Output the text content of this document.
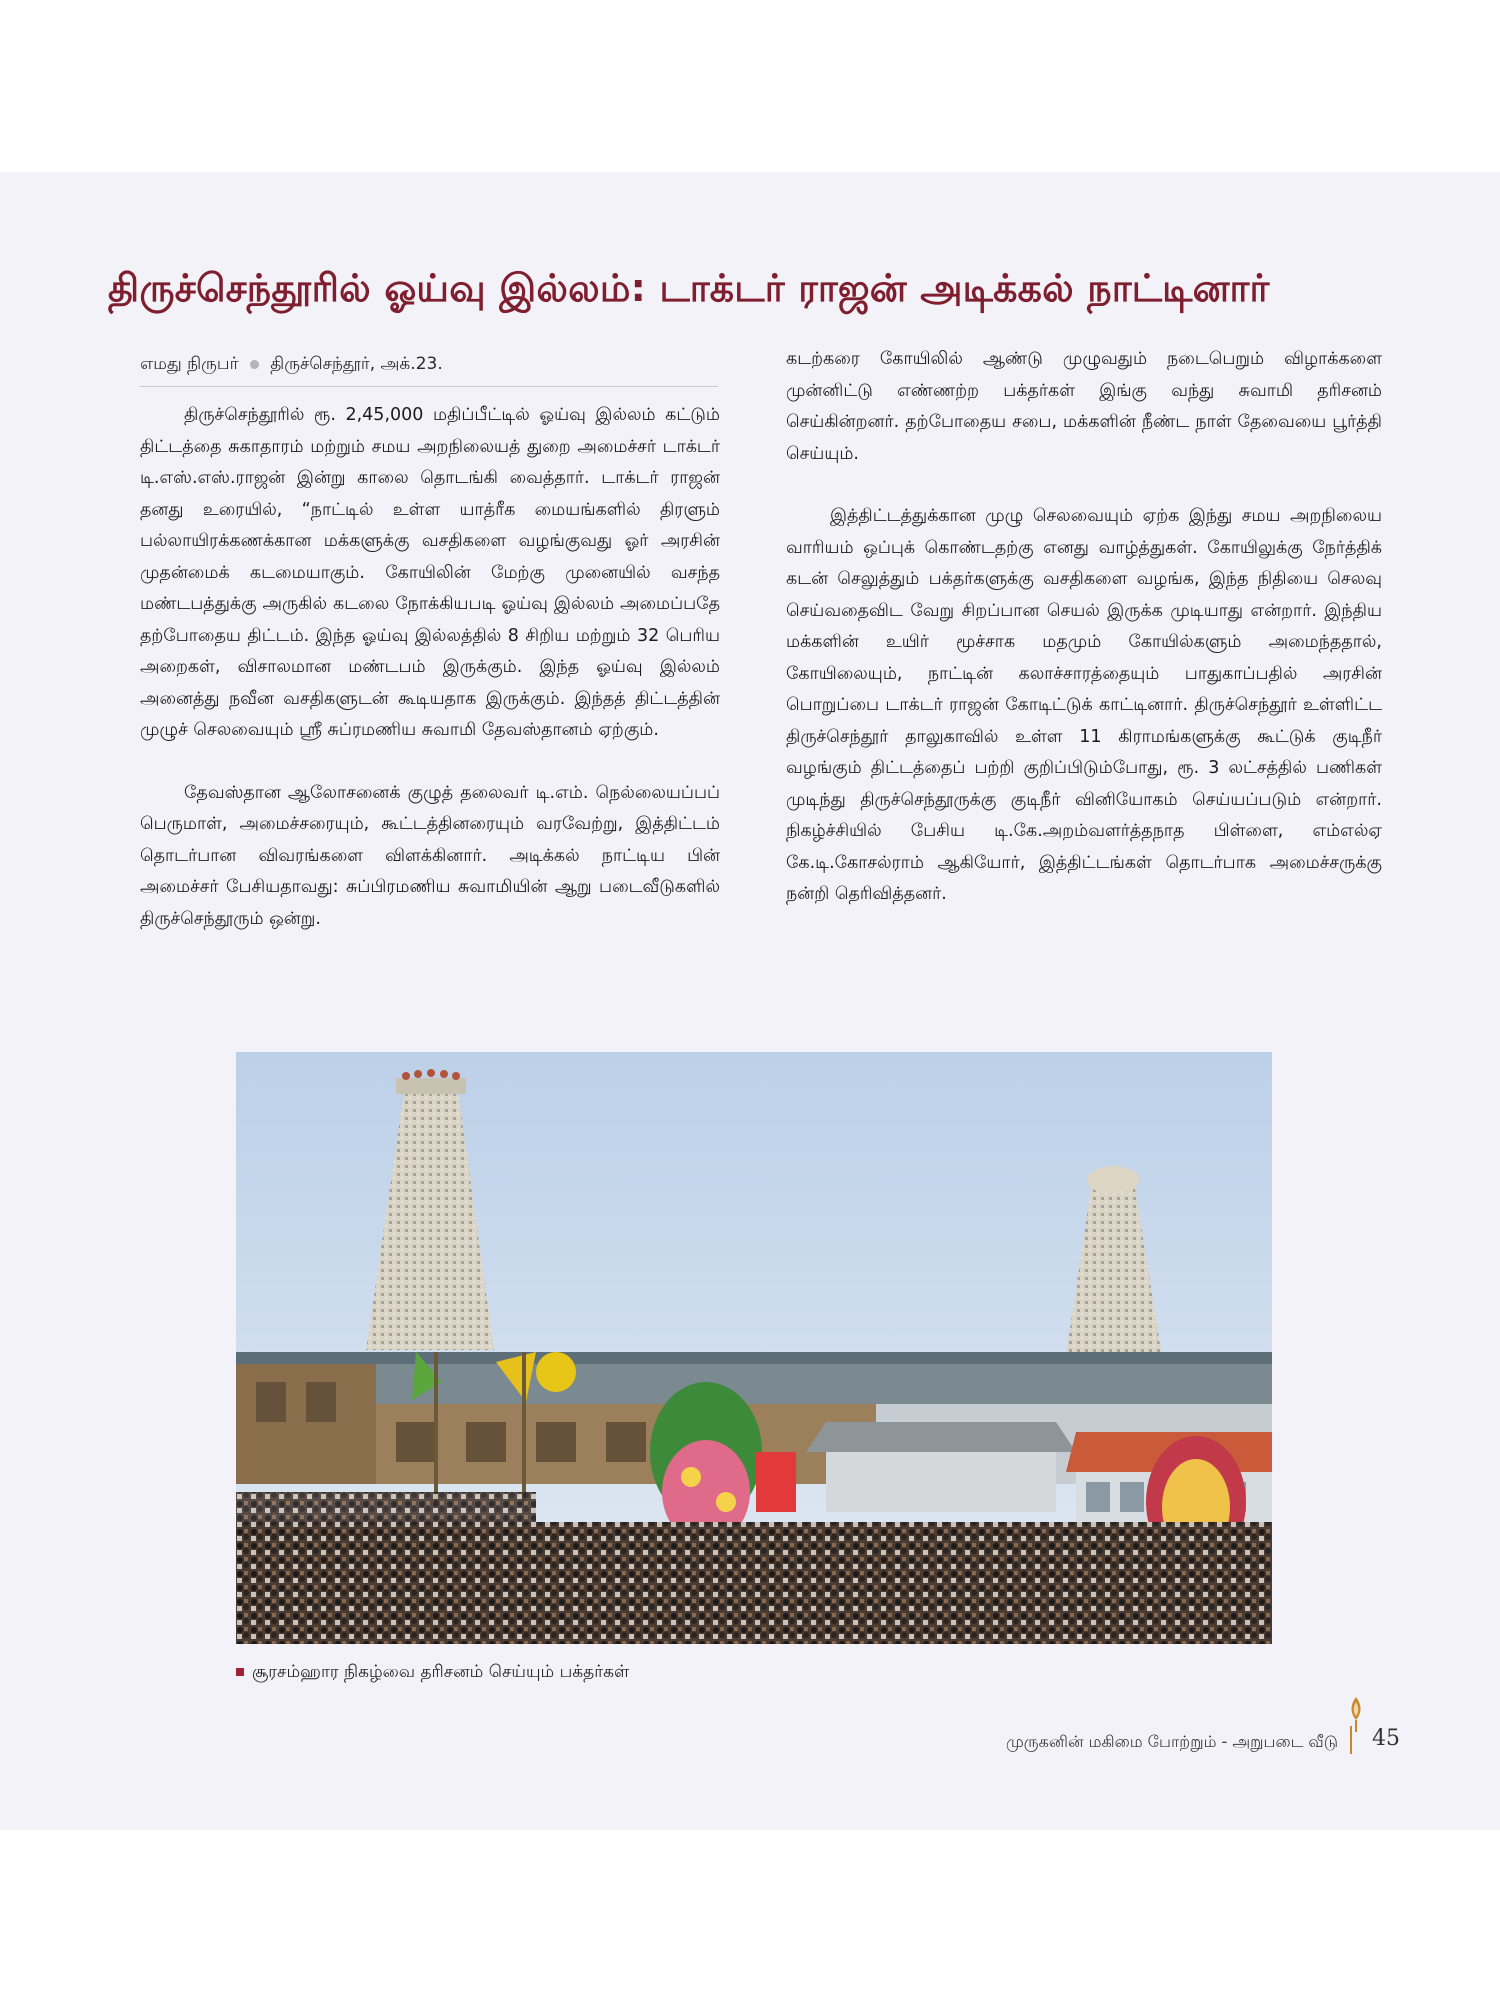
திருச்செந்தூரில் ஓய்வு இல்லம்: டாக்டர் ராஜன் அடிக்கல் நாட்டினார்
எமது நிருபர் திருச்செந்தூர், அக்.23.

திருச்செந்தூரில் ரூ. 2,45,000 மதிப்பீட்டில் ஓய்வு இல்லம் கட்டும் திட்டத்தை சுகாதாரம் மற்றும் சமய அறநிலையத் துறை அமைச்சர் டாக்டர் டி.எஸ்.எஸ்.ராஜன் இன்று காலை தொடங்கி வைத்தார். டாக்டர் ராஜன் தனது உரையில், “நாட்டில் உள்ள யாத்ரீக மையங்களில் திரளும் பல்லாயிரக்கணக்கான மக்களுக்கு வசதிகளை வழங்குவது ஓர் அரசின் முதன்மைக் கடமையாகும். கோயிலின் மேற்கு முனையில் வசந்த மண்டபத்துக்கு அருகில் கடலை நோக்கியபடி ஓய்வு இல்லம் அமைப்பதே தற்போதைய திட்டம். இந்த ஓய்வு இல்லத்தில் 8 சிறிய மற்றும் 32 பெரிய அறைகள், விசாலமான மண்டபம் இருக்கும். இந்த ஓய்வு இல்லம் அனைத்து நவீன வசதிகளுடன் கூடியதாக இருக்கும். இந்தத் திட்டத்தின் முழுச் செலவையும் ஸ்ரீ சுப்ரமணிய சுவாமி தேவஸ்தானம் ஏற்கும்.

தேவஸ்தான ஆலோசனைக் குழுத் தலைவர் டி.எம். நெல்லையப்பப் பெருமாள், அமைச்சரையும், கூட்டத்தினரையும் வரவேற்று, இத்திட்டம் தொடர்பான விவரங்களை விளக்கினார். அடிக்கல் நாட்டிய பின் அமைச்சர் பேசியதாவது: சுப்பிரமணிய சுவாமியின் ஆறு படைவீடுகளில் திருச்செந்தூரும் ஒன்று.

கடற்கரை கோயிலில் ஆண்டு முழுவதும் நடைபெறும் விழாக்களை முன்னிட்டு எண்ணற்ற பக்தர்கள் இங்கு வந்து சுவாமி தரிசனம் செய்கின்றனர். தற்போதைய சபை, மக்களின் நீண்ட நாள் தேவையை பூர்த்தி செய்யும்.

இத்திட்டத்துக்கான முழு செலவையும் ஏற்க இந்து சமய அறநிலைய வாரியம் ஒப்புக் கொண்டதற்கு எனது வாழ்த்துகள். கோயிலுக்கு நேர்த்திக் கடன் செலுத்தும் பக்தர்களுக்கு வசதிகளை வழங்க, இந்த நிதியை செலவு செய்வதைவிட வேறு சிறப்பான செயல் இருக்க முடியாது என்றார். இந்திய மக்களின் உயிர் மூச்சாக மதமும் கோயில்களும் அமைந்ததால், கோயிலையும், நாட்டின் கலாச்சாரத்தையும் பாதுகாப்பதில் அரசின் பொறுப்பை டாக்டர் ராஜன் கோடிட்டுக் காட்டினார். திருச்செந்தூர் உள்ளிட்ட திருச்செந்தூர் தாலுகாவில் உள்ள 11 கிராமங்களுக்கு கூட்டுக் குடிநீர் வழங்கும் திட்டத்தைப் பற்றி குறிப்பிடும்போது, ரூ. 3 லட்சத்தில் பணிகள் முடிந்து திருச்செந்தூருக்கு குடிநீர் வினியோகம் செய்யப்படும் என்றார். நிகழ்ச்சியில் பேசிய டி.கே.அறம்வளர்த்தநாத பிள்ளை, எம்எல்ஏ கே.டி.கோசல்ராம் ஆகியோர், இத்திட்டங்கள் தொடர்பாக அமைச்சருக்கு நன்றி தெரிவித்தனர்.

சூரசம்ஹார நிகழ்வை தரிசனம் செய்யும் பக்தர்கள்
முருகனின் மகிமை போற்றும் - அறுபடை வீடு 45
